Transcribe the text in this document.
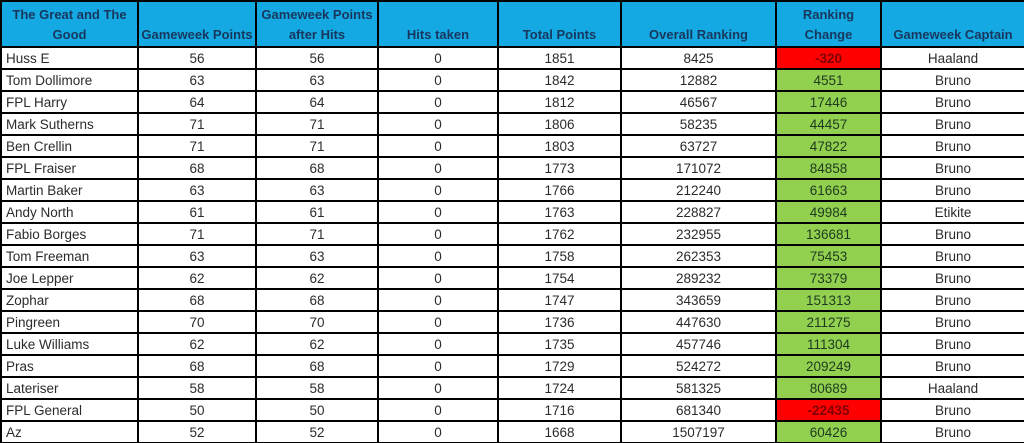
The Great and The Good	Gameweek Points	Gameweek Points after Hits	Hits taken	Total Points	Overall Ranking	Ranking Change	Gameweek Captain
Huss E	56	56	0	1851	8425	-320	Haaland
Tom Dollimore	63	63	0	1842	12882	4551	Bruno
FPL Harry	64	64	0	1812	46567	17446	Bruno
Mark Sutherns	71	71	0	1806	58235	44457	Bruno
Ben Crellin	71	71	0	1803	63727	47822	Bruno
FPL Fraiser	68	68	0	1773	171072	84858	Bruno
Martin Baker	63	63	0	1766	212240	61663	Bruno
Andy North	61	61	0	1763	228827	49984	Etikite
Fabio Borges	71	71	0	1762	232955	136681	Bruno
Tom Freeman	63	63	0	1758	262353	75453	Bruno
Joe Lepper	62	62	0	1754	289232	73379	Bruno
Zophar	68	68	0	1747	343659	151313	Bruno
Pingreen	70	70	0	1736	447630	211275	Bruno
Luke Williams	62	62	0	1735	457746	111304	Bruno
Pras	68	68	0	1729	524272	209249	Bruno
Lateriser	58	58	0	1724	581325	80689	Haaland
FPL General	50	50	0	1716	681340	-22435	Bruno
Az	52	52	0	1668	1507197	60426	Bruno
